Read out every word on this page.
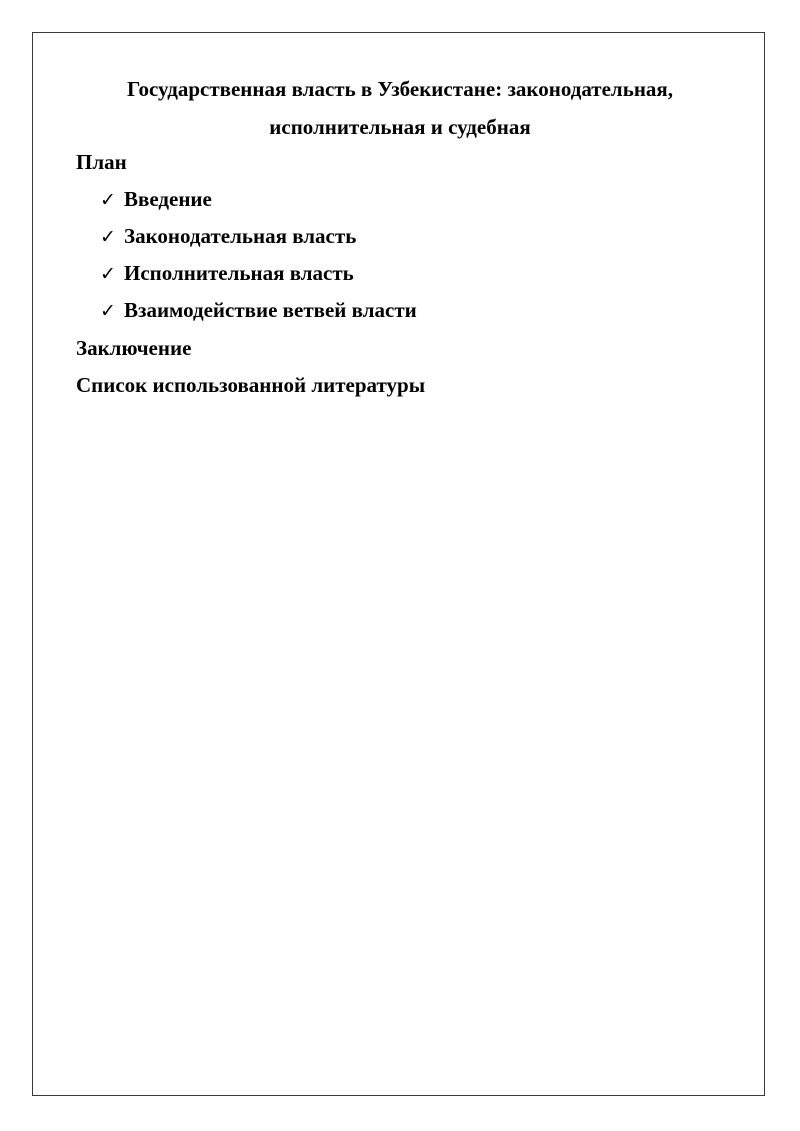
Государственная власть в Узбекистане: законодательная,
исполнительная и судебная
План
✓ Введение
✓ Законодательная власть
✓ Исполнительная власть
✓ Взаимодействие ветвей власти
Заключение
Список использованной литературы
